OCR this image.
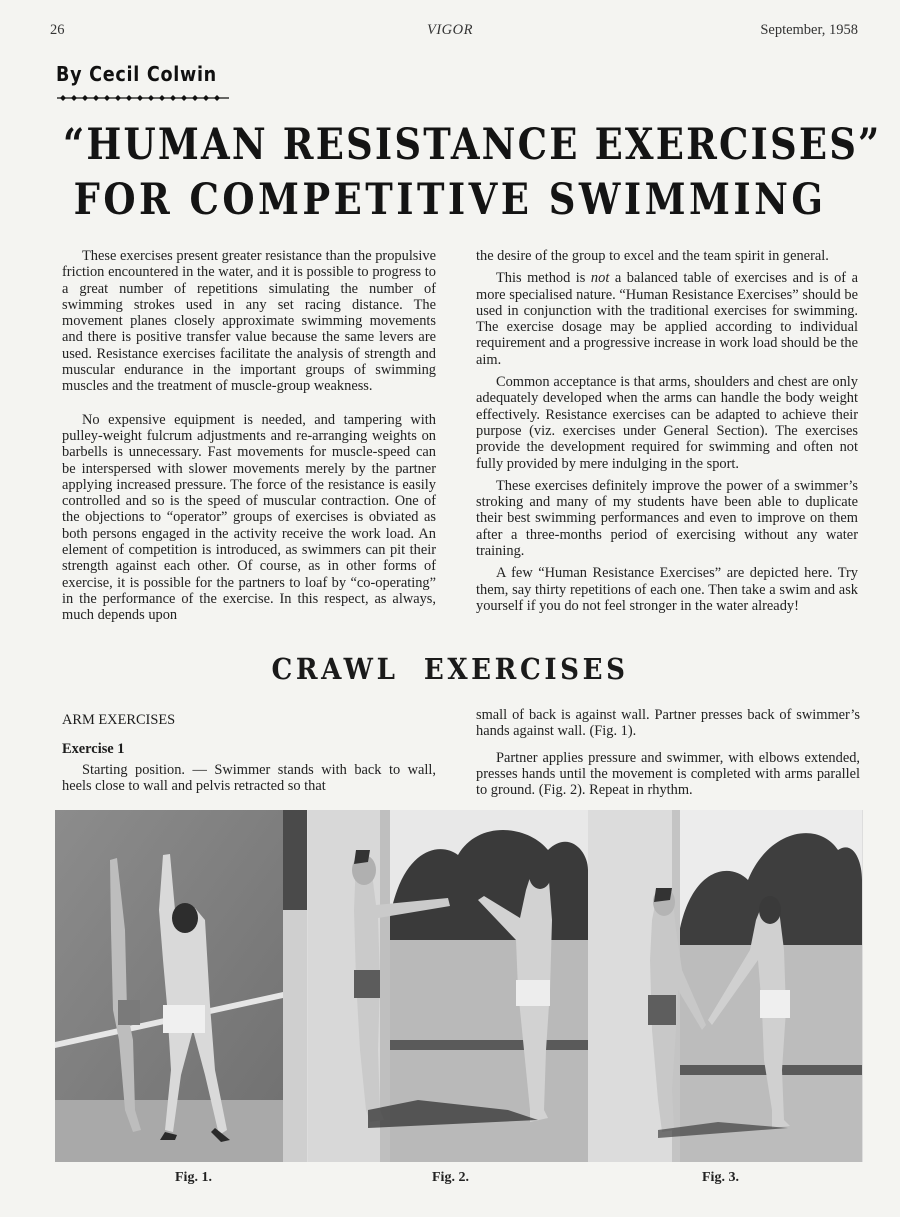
26	VIGOR	September, 1958
By Cecil Colwin
“HUMAN RESISTANCE EXERCISES”
FOR COMPETITIVE SWIMMING

These exercises present greater resistance than the propulsive friction encountered in the water, and it is possible to progress to a great number of repetitions simulating the number of swimming strokes used in any set racing distance. The movement planes closely approximate swimming movements and there is positive transfer value because the same levers are used. Resistance exercises facilitate the analysis of strength and muscular endurance in the important groups of swimming muscles and the treatment of muscle-group weakness.

No expensive equipment is needed, and tampering with pulley-weight fulcrum adjustments and re-arranging weights on barbells is unnecessary. Fast movements for muscle-speed can be interspersed with slower movements merely by the partner applying increased pressure. The force of the resistance is easily controlled and so is the speed of muscular contraction. One of the objections to “operator” groups of exercises is obviated as both persons engaged in the activity receive the work load. An element of competition is introduced, as swimmers can pit their strength against each other. Of course, as in other forms of exercise, it is possible for the partners to loaf by “co-operating” in the performance of the exercise. In this respect, as always, much depends upon

the desire of the group to excel and the team spirit in general.

This method is not a balanced table of exercises and is of a more specialised nature. “Human Resistance Exercises” should be used in conjunction with the traditional exercises for swimming. The exercise dosage may be applied according to individual requirement and a progressive increase in work load should be the aim.

Common acceptance is that arms, shoulders and chest are only adequately developed when the arms can handle the body weight effectively. Resistance exercises can be adapted to achieve their purpose (viz. exercises under General Section). The exercises provide the development required for swimming and often not fully provided by mere indulging in the sport.

These exercises definitely improve the power of a swimmer’s stroking and many of my students have been able to duplicate their best swimming performances and even to improve on them after a three-months period of exercising without any water training.

A few “Human Resistance Exercises” are depicted here. Try them, say thirty repetitions of each one. Then take a swim and ask yourself if you do not feel stronger in the water already!

CRAWL EXERCISES
ARM EXERCISES
Exercise 1

Starting position. — Swimmer stands with back to wall, heels close to wall and pelvis retracted so that

small of back is against wall. Partner presses back of swimmer’s hands against wall. (Fig. 1).

Partner applies pressure and swimmer, with elbows extended, presses hands until the movement is completed with arms parallel to ground. (Fig. 2). Repeat in rhythm.

Fig. 1.	Fig. 2.	Fig. 3.
